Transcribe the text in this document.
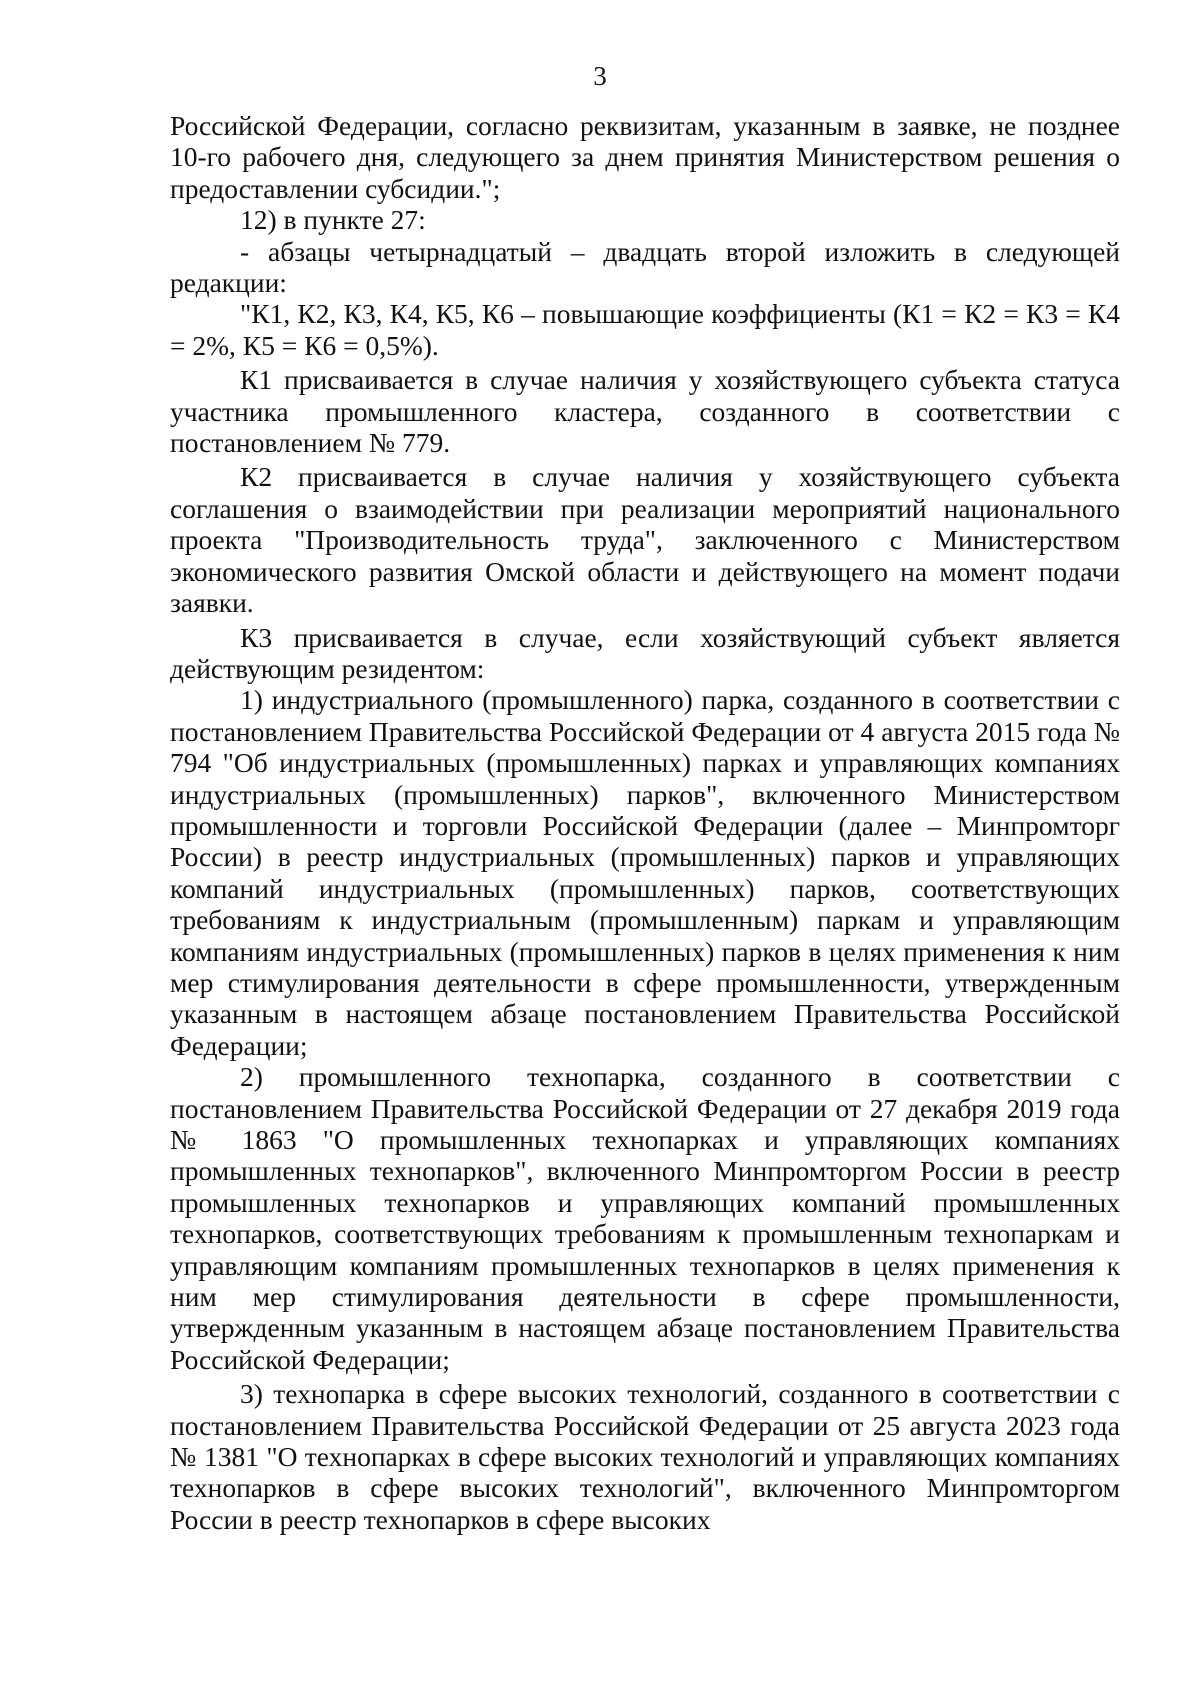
3

Российской Федерации, согласно реквизитам, указанным в заявке, не позднее 10-го рабочего дня, следующего за днем принятия Министерством решения о предоставлении субсидии.";

12) в пункте 27:

- абзацы четырнадцатый – двадцать второй изложить в следующей редакции:

"К1, К2, К3, К4, К5, К6 – повышающие коэффициенты (К1 = К2 = К3 = К4 = 2%, К5 = К6 = 0,5%).

К1 присваивается в случае наличия у хозяйствующего субъекта статуса участника промышленного кластера, созданного в соответствии с постановлением № 779.

К2 присваивается в случае наличия у хозяйствующего субъекта соглашения о взаимодействии при реализации мероприятий национального проекта "Производительность труда", заключенного с Министерством экономического развития Омской области и действующего на момент подачи заявки.

К3 присваивается в случае, если хозяйствующий субъект является действующим резидентом:

1) индустриального (промышленного) парка, созданного в соответствии с постановлением Правительства Российской Федерации от 4 августа 2015 года № 794 "Об индустриальных (промышленных) парках и управляющих компаниях индустриальных (промышленных) парков", включенного Министерством промышленности и торговли Российской Федерации (далее – Минпромторг России) в реестр индустриальных (промышленных) парков и управляющих компаний индустриальных (промышленных) парков, соответствующих требованиям к индустриальным (промышленным) паркам и управляющим компаниям индустриальных (промышленных) парков в целях применения к ним мер стимулирования деятельности в сфере промышленности, утвержденным указанным в настоящем абзаце постановлением Правительства Российской Федерации;

2) промышленного технопарка, созданного в соответствии с постановлением Правительства Российской Федерации от 27 декабря 2019 года № 1863 "О промышленных технопарках и управляющих компаниях промышленных технопарков", включенного Минпромторгом России в реестр промышленных технопарков и управляющих компаний промышленных технопарков, соответствующих требованиям к промышленным технопаркам и управляющим компаниям промышленных технопарков в целях применения к ним мер стимулирования деятельности в сфере промышленности, утвержденным указанным в настоящем абзаце постановлением Правительства Российской Федерации;

3) технопарка в сфере высоких технологий, созданного в соответствии с постановлением Правительства Российской Федерации от 25 августа 2023 года № 1381 "О технопарках в сфере высоких технологий и управляющих компаниях технопарков в сфере высоких технологий", включенного Минпромторгом России в реестр технопарков в сфере высоких
